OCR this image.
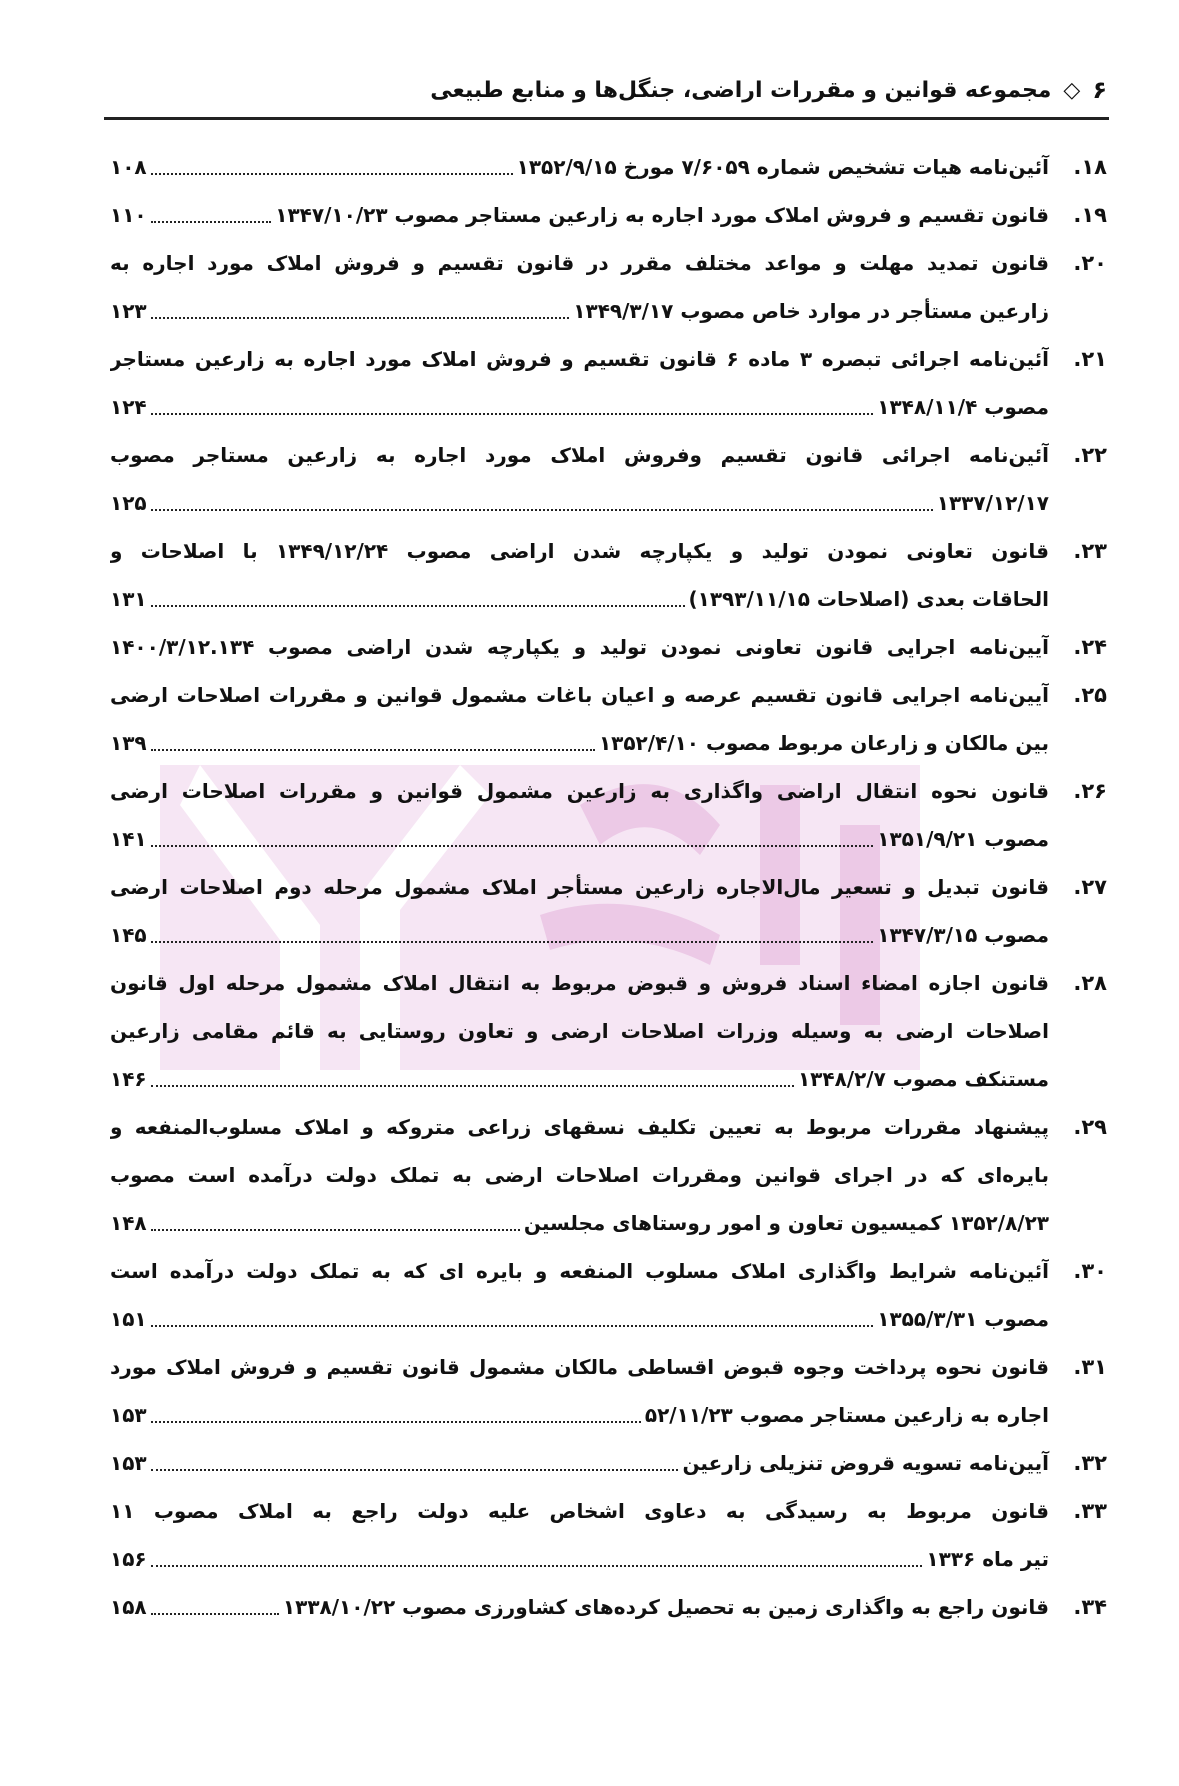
۶
◇
مجموعه قوانین و مقررات اراضی، جنگل‌ها و منابع طبیعی
۱۸.
آئین‌نامه هیات تشخیص شماره ۷/۶۰۵۹ مورخ ۱۳۵۲/۹/۱۵
۱۰۸
۱۹.
قانون تقسیم و فروش املاک مورد اجاره به زارعین مستاجر مصوب ۱۳۴۷/۱۰/۲۳
۱۱۰
۲۰.
قانون تمدید مهلت و مواعد مختلف مقرر در قانون تقسیم و فروش املاک مورد اجاره به
زارعین مستأجر در موارد خاص مصوب ۱۳۴۹/۳/۱۷
۱۲۳
۲۱.
آئین‌نامه اجرائی تبصره ۳ ماده ۶ قانون تقسیم و فروش املاک مورد اجاره به زارعین مستاجر
مصوب ۱۳۴۸/۱۱/۴
۱۲۴
۲۲.
آئین‌نامه اجرائی قانون تقسیم وفروش املاک مورد اجاره به زارعین مستاجر مصوب
۱۳۳۷/۱۲/۱۷
۱۲۵
۲۳.
قانون تعاونی نمودن تولید و یکپارچه شدن اراضی مصوب ۱۳۴۹/۱۲/۲۴ با اصلاحات و
الحاقات بعدی (اصلاحات ۱۳۹۳/۱۱/۱۵)
۱۳۱
۲۴.
آیین‌نامه اجرایی قانون تعاونی نمودن تولید و یکپارچه شدن اراضی مصوب ۱۴۰۰/۳/۱۲.۱۳۴
۲۵.
آیین‌نامه اجرایی قانون تقسیم عرصه و اعیان باغات مشمول قوانین و مقررات اصلاحات ارضی
بین مالکان و زارعان مربوط مصوب ۱۳۵۲/۴/۱۰
۱۳۹
۲۶.
قانون نحوه انتقال اراضی واگذاری به زارعین مشمول قوانین و مقررات اصلاحات ارضی
مصوب ۱۳۵۱/۹/۲۱
۱۴۱
۲۷.
قانون تبدیل و تسعیر مال‌الاجاره زارعین مستأجر املاک مشمول مرحله دوم اصلاحات ارضی
مصوب ۱۳۴۷/۳/۱۵
۱۴۵
۲۸.
قانون اجازه امضاء اسناد فروش و قبوض مربوط به انتقال املاک مشمول مرحله اول قانون
اصلاحات ارضی به وسیله وزرات اصلاحات ارضی و تعاون روستایی به قائم مقامی زارعین
مستنکف مصوب ۱۳۴۸/۲/۷
۱۴۶
۲۹.
پیشنهاد مقررات مربوط به تعیین تکلیف نسقهای زراعی متروکه و املاک مسلوب‌المنفعه و
بایره‌ای که در اجرای قوانین ومقررات اصلاحات ارضی به تملک دولت درآمده است مصوب
۱۳۵۲/۸/۲۳ کمیسیون تعاون و امور روستاهای مجلسین
۱۴۸
۳۰.
آئین‌نامه شرایط واگذاری املاک مسلوب المنفعه و بایره ای که به تملک دولت درآمده است
مصوب ۱۳۵۵/۳/۳۱
۱۵۱
۳۱.
قانون نحوه پرداخت وجوه قبوض اقساطی مالکان مشمول قانون تقسیم و فروش املاک مورد
اجاره به زارعین مستاجر مصوب ۵۲/۱۱/۲۳
۱۵۳
۳۲.
آیین‌نامه تسویه قروض تنزیلی زارعین
۱۵۳
۳۳.
قانون مربوط به رسیدگی به دعاوی اشخاص علیه دولت راجع به املاک مصوب ۱۱
تیر ماه ۱۳۳۶
۱۵۶
۳۴.
قانون راجع به واگذاری زمین به تحصیل کرده‌های کشاورزی مصوب ۱۳۳۸/۱۰/۲۲
۱۵۸
